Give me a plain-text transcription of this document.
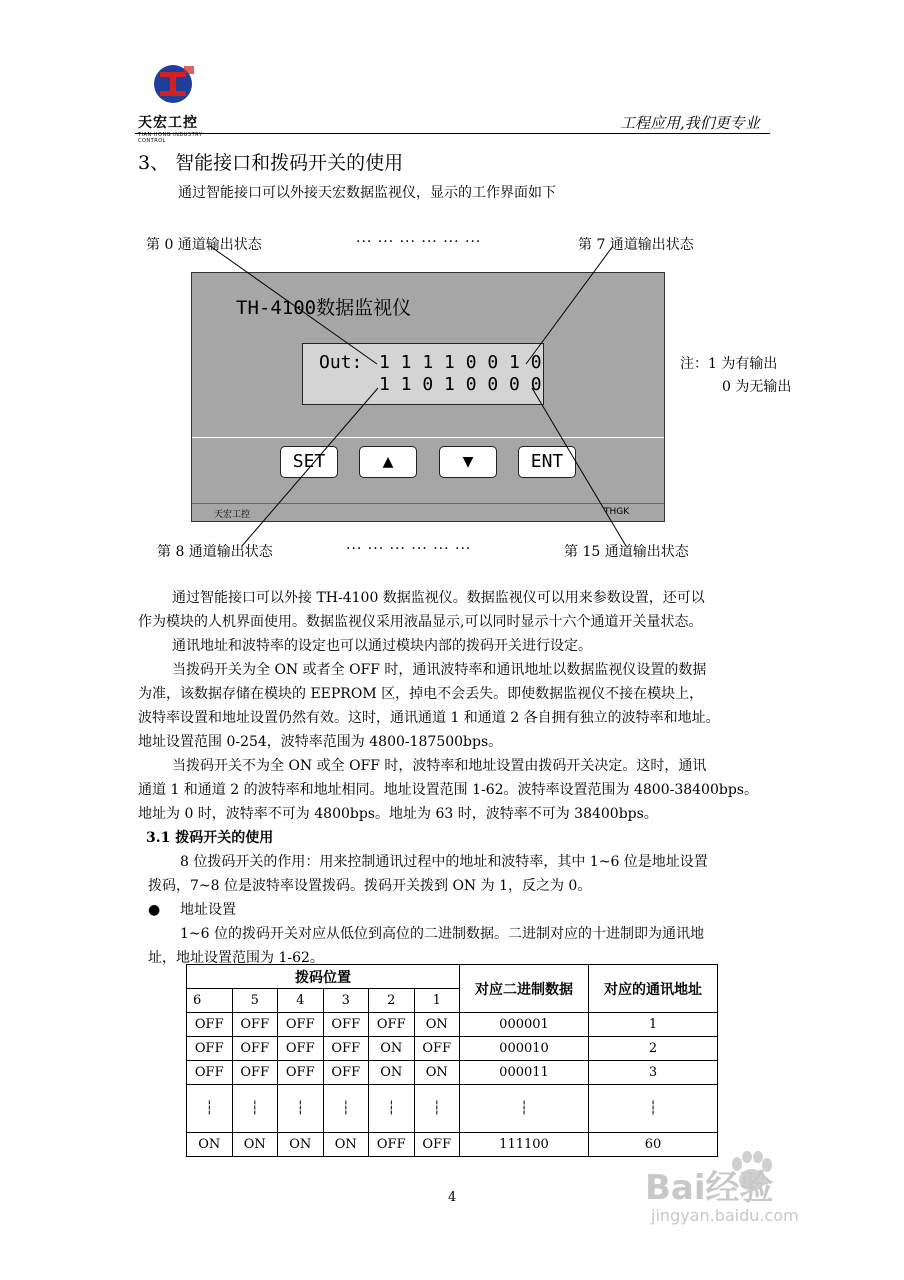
天宏工控
TIAN HONG INDUSTRY CONTROL
工程应用,我们更专业
3、 智能接口和拨码开关的使用
通过智能接口可以外接天宏数据监视仪，显示的工作界面如下
第 0 通道输出状态	··· ··· ··· ··· ··· ···	第 7 通道输出状态
TH-4100数据监视仪
Out: 1 1 1 1 0 0 1 0
1 1 0 1 0 0 0 0
SET	▲	▼	ENT
天宏工控	THGK
注：1 为有输出
0 为无输出
第 8 通道输出状态	··· ··· ··· ··· ··· ···	第 15 通道输出状态
通过智能接口可以外接 TH-4100 数据监视仪。数据监视仪可以用来参数设置，还可以
作为模块的人机界面使用。数据监视仪采用液晶显示,可以同时显示十六个通道开关量状态。
通讯地址和波特率的设定也可以通过模块内部的拨码开关进行设定。
当拨码开关为全 ON 或者全 OFF 时，通讯波特率和通讯地址以数据监视仪设置的数据
为准，该数据存储在模块的 EEPROM 区，掉电不会丢失。即使数据监视仪不接在模块上，
波特率设置和地址设置仍然有效。这时，通讯通道 1 和通道 2 各自拥有独立的波特率和地址。
地址设置范围 0-254，波特率范围为 4800-187500bps。
当拨码开关不为全 ON 或全 OFF 时，波特率和地址设置由拨码开关决定。这时，通讯
通道 1 和通道 2 的波特率和地址相同。地址设置范围 1-62。波特率设置范围为 4800-38400bps。
地址为 0 时，波特率不可为 4800bps。地址为 63 时，波特率不可为 38400bps。
3.1 拨码开关的使用
8 位拨码开关的作用：用来控制通讯过程中的地址和波特率，其中 1~6 位是地址设置
拨码，7~8 位是波特率设置拨码。拨码开关拨到 ON 为 1，反之为 0。
● 地址设置
1~6 位的拨码开关对应从低位到高位的二进制数据。二进制对应的十进制即为通讯地
址，地址设置范围为 1-62。
拨码位置						对应二进制数据	对应的通讯地址
6	5	4	3	2	1		
OFF	OFF	OFF	OFF	OFF	ON	000001	1
OFF	OFF	OFF	OFF	ON	OFF	000010	2
OFF	OFF	OFF	OFF	ON	ON	000011	3
┆	┆	┆	┆	┆	┆	┆	┆
ON	ON	ON	ON	OFF	OFF	111100	60
4	Bai经验
jingyan.baidu.com
